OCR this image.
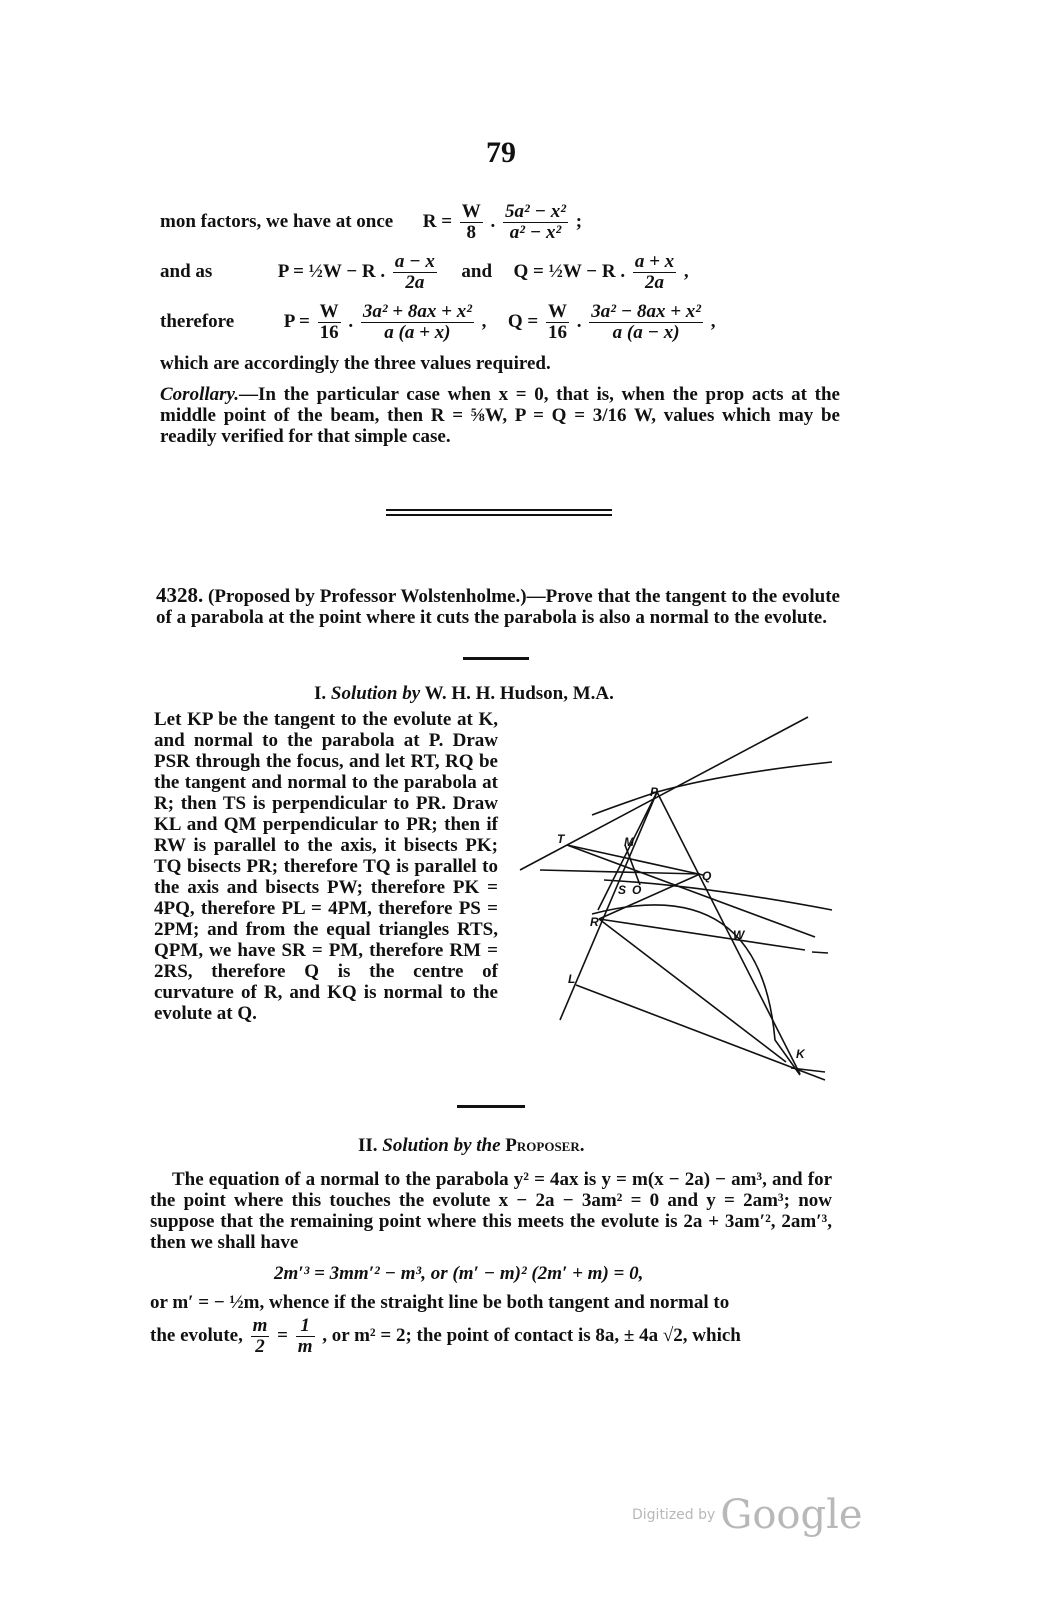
79
mon factors, we have at once $R = \frac{W}{8}$ . $\frac{\text{5a² − x²}}{\text{a² − x²}}$ ;
and as	P = ½W − R . $\frac{a - x}{2a}$ and Q = ½W − R . $\frac{a + x}{2a}$ ,
therefore	$P = \frac{W}{16}$ . $\frac{\text{3a² + 8ax + x²}}{a (a + x)}$ , $Q = \frac{W}{16}$ . $\frac{\text{3a² − 8ax + x²}}{a (a - x)}$ ,
which are accordingly the three values required.
Corollary.—In the particular case when x = 0, that is, when the prop acts at the middle point of the beam, then R = ⅝W, P = Q = 3/16 W, values which may be readily verified for that simple case.
4328. (Proposed by Professor Wolstenholme.)—Prove that the tangent to the evolute of a parabola at the point where it cuts the parabola is also a normal to the evolute.
I. Solution by W. H. H. Hudson, M.A.
Let KP be the tangent to the evolute at K, and normal to the parabola at P. Draw PSR through the focus, and let RT, RQ be the tangent and normal to the parabola at R; then TS is perpendicular to PR. Draw KL and QM perpendicular to PR; then if RW is parallel to the axis, it bisects PK; TQ bisects PR; therefore TQ is parallel to the axis and bisects PW; therefore PK = 4PQ, therefore PL = 4PM, therefore PS = 2PM; and from the equal triangles RTS, QPM, we have SR = PM, therefore RM = 2RS, therefore Q is the centre of curvature of R, and KQ is normal to the evolute at Q.
P
T	M
S O
Q
R
W
L
K
II. Solution by the Proposer.
The equation of a normal to the parabola y² = 4ax is y = m(x − 2a) − am³, and for the point where this touches the evolute x − 2a − 3am² = 0 and y = 2am³; now suppose that the remaining point where this meets the evolute is 2a + 3am′², 2am′³, then we shall have
2m′³ = 3mm′² − m³, or (m′ − m)² (2m′ + m) = 0,
or m′ = − ½m, whence if the straight line be both tangent and normal to
the evolute, $\frac{m}{2} = \frac{1}{m}$ , or m² = 2; the point of contact is 8a, ± 4a √2, which
Digitized by Google
